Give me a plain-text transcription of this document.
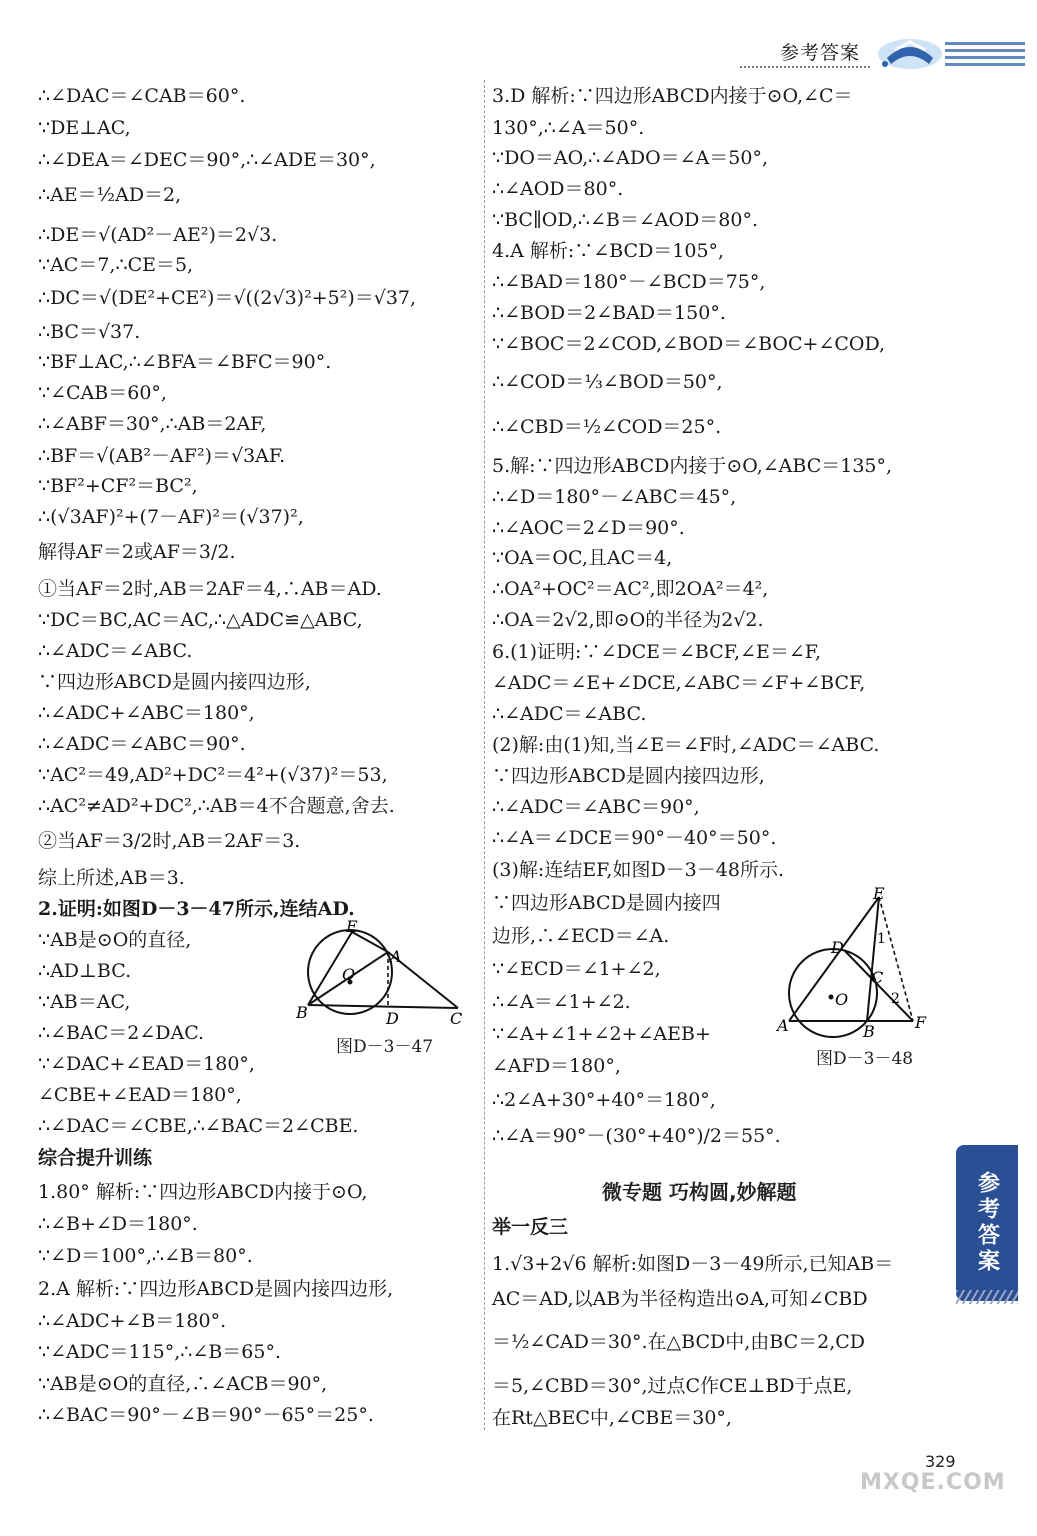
参考答案
∴∠DAC＝∠CAB＝60°.
∵DE⊥AC,
∴∠DEA＝∠DEC＝90°,∴∠ADE＝30°,
∴AE＝½AD＝2,
∴DE＝√(AD²－AE²)＝2√3.
∵AC＝7,∴CE＝5,
∴DC＝√(DE²+CE²)＝√((2√3)²+5²)＝√37,
∴BC＝√37.
∵BF⊥AC,∴∠BFA＝∠BFC＝90°.
∵∠CAB＝60°,
∴∠ABF＝30°,∴AB＝2AF,
∴BF＝√(AB²－AF²)＝√3AF.
∵BF²+CF²＝BC²,
∴(√3AF)²+(7－AF)²＝(√37)²,
解得AF＝2或AF＝3/2.
①当AF＝2时,AB＝2AF＝4,∴AB＝AD.
∵DC＝BC,AC＝AC,∴△ADC≌△ABC,
∴∠ADC＝∠ABC.
∵四边形ABCD是圆内接四边形,
∴∠ADC+∠ABC＝180°,
∴∠ADC＝∠ABC＝90°.
∵AC²＝49,AD²+DC²＝4²+(√37)²＝53,
∴AC²≠AD²+DC²,∴AB＝4不合题意,舍去.
②当AF＝3/2时,AB＝2AF＝3.
综上所述,AB＝3.
2.证明:如图D－3－47所示,连结AD.
∵AB是⊙O的直径,
∴AD⊥BC.
∵AB＝AC,
∴∠BAC＝2∠DAC.
∵∠DAC+∠EAD＝180°,
∠CBE+∠EAD＝180°,
∴∠DAC＝∠CBE,∴∠BAC＝2∠CBE.
综合提升训练
1.80° 解析:∵四边形ABCD内接于⊙O,
∴∠B+∠D＝180°.
∵∠D＝100°,∴∠B＝80°.
2.A 解析:∵四边形ABCD是圆内接四边形,
∴∠ADC+∠B＝180°.
∵∠ADC＝115°,∴∠B＝65°.
∵AB是⊙O的直径,∴∠ACB＝90°,
∴∠BAC＝90°－∠B＝90°－65°＝25°.
E
A
O
B	D	C
图D－3－47
3.D 解析:∵四边形ABCD内接于⊙O,∠C＝
130°,∴∠A＝50°.
∵DO＝AO,∴∠ADO＝∠A＝50°,
∴∠AOD＝80°.
∵BC∥OD,∴∠B＝∠AOD＝80°.
4.A 解析:∵∠BCD＝105°,
∴∠BAD＝180°－∠BCD＝75°,
∴∠BOD＝2∠BAD＝150°.
∵∠BOC＝2∠COD,∠BOD＝∠BOC+∠COD,
∴∠COD＝⅓∠BOD＝50°,
∴∠CBD＝½∠COD＝25°.
5.解:∵四边形ABCD内接于⊙O,∠ABC＝135°,
∴∠D＝180°－∠ABC＝45°,
∴∠AOC＝2∠D＝90°.
∵OA＝OC,且AC＝4,
∴OA²+OC²＝AC²,即2OA²＝4²,
∴OA＝2√2,即⊙O的半径为2√2.
6.(1)证明:∵∠DCE＝∠BCF,∠E＝∠F,
∠ADC＝∠E+∠DCE,∠ABC＝∠F+∠BCF,
∴∠ADC＝∠ABC.
(2)解:由(1)知,当∠E＝∠F时,∠ADC＝∠ABC.
∵四边形ABCD是圆内接四边形,
∴∠ADC＝∠ABC＝90°,
∴∠A＝∠DCE＝90°－40°＝50°.
(3)解:连结EF,如图D－3－48所示.
∵四边形ABCD是圆内接四
边形,∴∠ECD＝∠A.
∵∠ECD＝∠1+∠2,
∴∠A＝∠1+∠2.
∵∠A+∠1+∠2+∠AEB+
∠AFD＝180°,
∴2∠A+30°+40°＝180°,
∴∠A＝90°－(30°+40°)/2＝55°.
微专题 巧构圆,妙解题
举一反三
1.√3+2√6 解析:如图D－3－49所示,已知AB＝
AC＝AD,以AB为半径构造出⊙A,可知∠CBD
＝½∠CAD＝30°.在△BCD中,由BC＝2,CD
＝5,∠CBD＝30°,过点C作CE⊥BD于点E,
在Rt△BEC中,∠CBE＝30°,
E
D 1
C
O	2
A	B	F
图D－3－48
参考答案
329
MXQE.COM
